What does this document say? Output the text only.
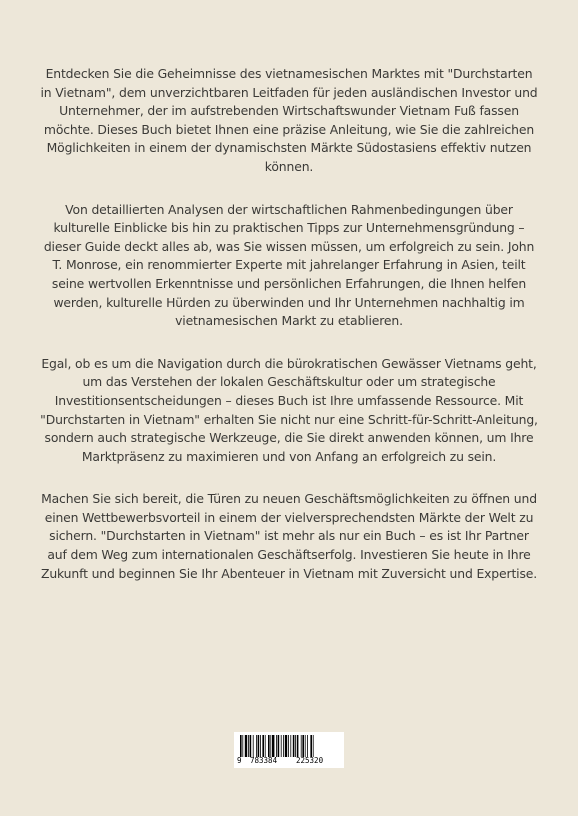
Entdecken Sie die Geheimnisse des vietnamesischen Marktes mit "Durchstarten in Vietnam", dem unverzichtbaren Leitfaden für jeden ausländischen Investor und Unternehmer, der im aufstrebenden Wirtschaftswunder Vietnam Fuß fassen möchte. Dieses Buch bietet Ihnen eine präzise Anleitung, wie Sie die zahlreichen Möglichkeiten in einem der dynamischsten Märkte Südostasiens effektiv nutzen können.

Von detaillierten Analysen der wirtschaftlichen Rahmenbedingungen über kulturelle Einblicke bis hin zu praktischen Tipps zur Unternehmensgründung – dieser Guide deckt alles ab, was Sie wissen müssen, um erfolgreich zu sein. John T. Monrose, ein renommierter Experte mit jahrelanger Erfahrung in Asien, teilt seine wertvollen Erkenntnisse und persönlichen Erfahrungen, die Ihnen helfen werden, kulturelle Hürden zu überwinden und Ihr Unternehmen nachhaltig im vietnamesischen Markt zu etablieren.

Egal, ob es um die Navigation durch die bürokratischen Gewässer Vietnams geht, um das Verstehen der lokalen Geschäftskultur oder um strategische Investitionsentscheidungen – dieses Buch ist Ihre umfassende Ressource. Mit "Durchstarten in Vietnam" erhalten Sie nicht nur eine Schritt-für-Schritt-Anleitung, sondern auch strategische Werkzeuge, die Sie direkt anwenden können, um Ihre Marktpräsenz zu maximieren und von Anfang an erfolgreich zu sein.

Machen Sie sich bereit, die Türen zu neuen Geschäftsmöglichkeiten zu öffnen und einen Wettbewerbsvorteil in einem der vielversprechendsten Märkte der Welt zu sichern. "Durchstarten in Vietnam" ist mehr als nur ein Buch – es ist Ihr Partner auf dem Weg zum internationalen Geschäftserfolg. Investieren Sie heute in Ihre Zukunft und beginnen Sie Ihr Abenteuer in Vietnam mit Zuversicht und Expertise.

9 783384	225320
